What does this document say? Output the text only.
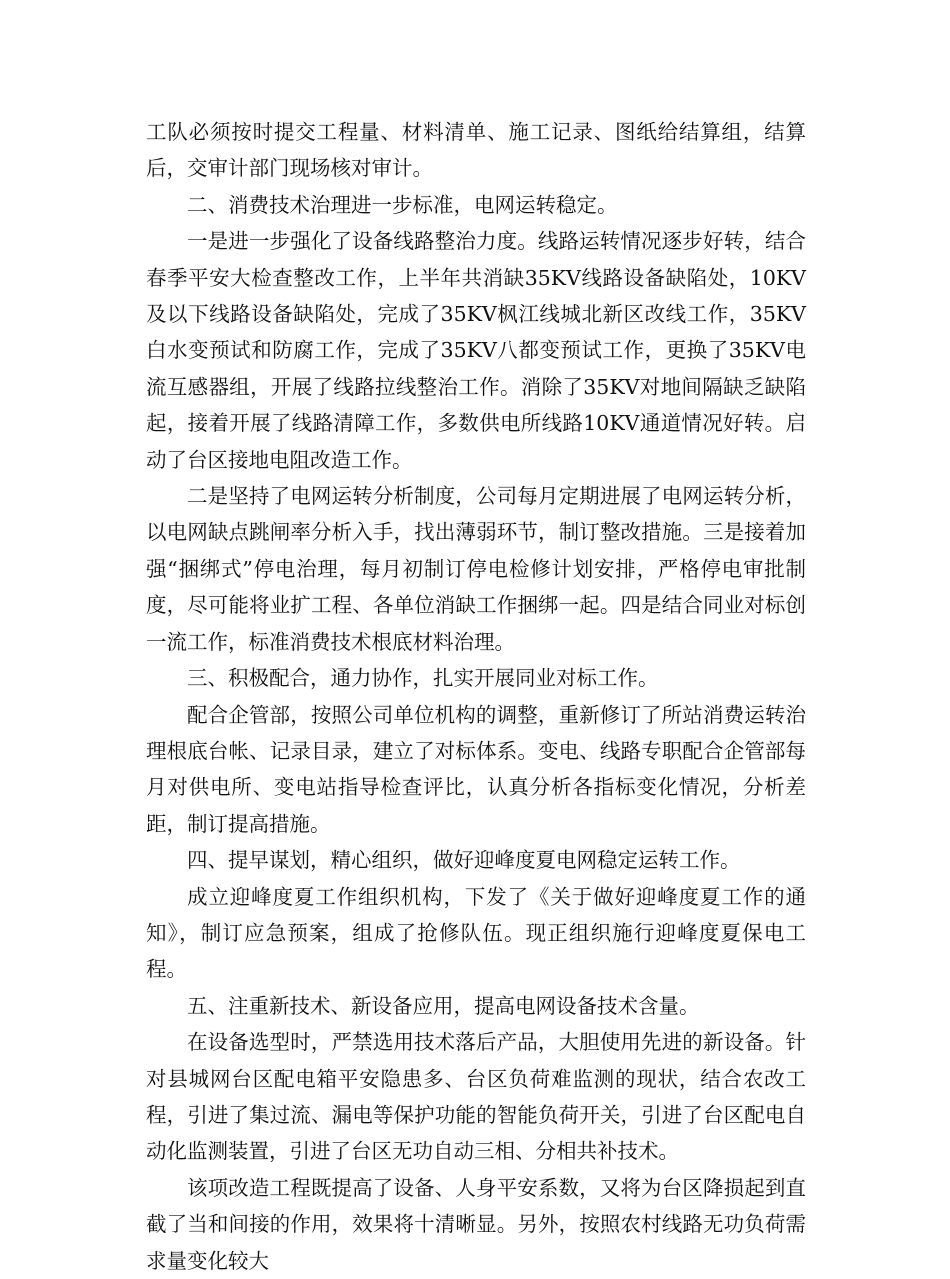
工队必须按时提交工程量、材料清单、施工记录、图纸给结算组，结算后，交审计部门现场核对审计。

二、消费技术治理进一步标准，电网运转稳定。

一是进一步强化了设备线路整治力度。线路运转情况逐步好转，结合春季平安大检查整改工作，上半年共消缺35KV线路设备缺陷处，10KV及以下线路设备缺陷处，完成了35KV枫江线城北新区改线工作，35KV白水变预试和防腐工作，完成了35KV八都变预试工作，更换了35KV电流互感器组，开展了线路拉线整治工作。消除了35KV对地间隔缺乏缺陷起，接着开展了线路清障工作，多数供电所线路10KV通道情况好转。启动了台区接地电阻改造工作。

二是坚持了电网运转分析制度，公司每月定期进展了电网运转分析，以电网缺点跳闸率分析入手，找出薄弱环节，制订整改措施。三是接着加强“捆绑式”停电治理，每月初制订停电检修计划安排，严格停电审批制度，尽可能将业扩工程、各单位消缺工作捆绑一起。四是结合同业对标创一流工作，标准消费技术根底材料治理。

三、积极配合，通力协作，扎实开展同业对标工作。

配合企管部，按照公司单位机构的调整，重新修订了所站消费运转治理根底台帐、记录目录，建立了对标体系。变电、线路专职配合企管部每月对供电所、变电站指导检查评比，认真分析各指标变化情况，分析差距，制订提高措施。

四、提早谋划，精心组织，做好迎峰度夏电网稳定运转工作。

成立迎峰度夏工作组织机构，下发了《关于做好迎峰度夏工作的通知》，制订应急预案，组成了抢修队伍。现正组织施行迎峰度夏保电工程。

五、注重新技术、新设备应用，提高电网设备技术含量。

在设备选型时，严禁选用技术落后产品，大胆使用先进的新设备。针对县城网台区配电箱平安隐患多、台区负荷难监测的现状，结合农改工程，引进了集过流、漏电等保护功能的智能负荷开关，引进了台区配电自动化监测装置，引进了台区无功自动三相、分相共补技术。

该项改造工程既提高了设备、人身平安系数，又将为台区降损起到直截了当和间接的作用，效果将十清晰显。另外，按照农村线路无功负荷需求量变化较大
